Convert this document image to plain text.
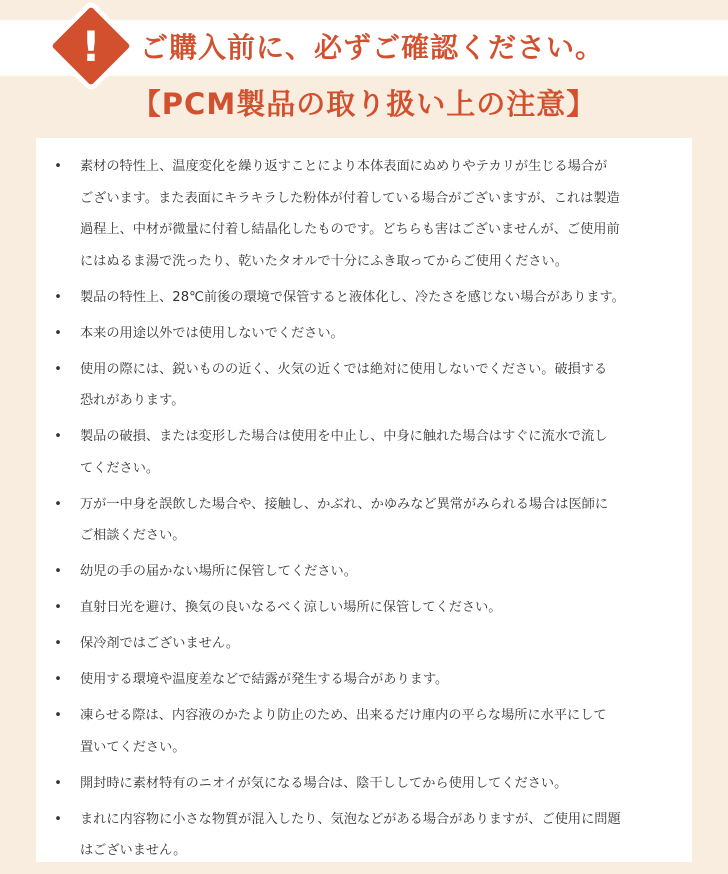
!	ご購入前に、必ずご確認ください。
【PCM製品の取り扱い上の注意】
• 素材の特性上、温度変化を繰り返すことにより本体表面にぬめりやテカリが生じる場合が
ございます。また表面にキラキラした粉体が付着している場合がございますが、これは製造
過程上、中材が微量に付着し結晶化したものです。どちらも害はございませんが、ご使用前
にはぬるま湯で洗ったり、乾いたタオルで十分にふき取ってからご使用ください。
• 製品の特性上、28℃前後の環境で保管すると液体化し、冷たさを感じない場合があります。
• 本来の用途以外では使用しないでください。
• 使用の際には、鋭いものの近く、火気の近くでは絶対に使用しないでください。破損する
恐れがあります。
• 製品の破損、または変形した場合は使用を中止し、中身に触れた場合はすぐに流水で流し
てください。
• 万が一中身を誤飲した場合や、接触し、かぶれ、かゆみなど異常がみられる場合は医師に
ご相談ください。
• 幼児の手の届かない場所に保管してください。
• 直射日光を避け、換気の良いなるべく涼しい場所に保管してください。
• 保冷剤ではございません。
• 使用する環境や温度差などで結露が発生する場合があります。
• 凍らせる際は、内容液のかたより防止のため、出来るだけ庫内の平らな場所に水平にして
置いてください。
• 開封時に素材特有のニオイが気になる場合は、陰干ししてから使用してください。
• まれに内容物に小さな物質が混入したり、気泡などがある場合がありますが、ご使用に問題
はございません。
